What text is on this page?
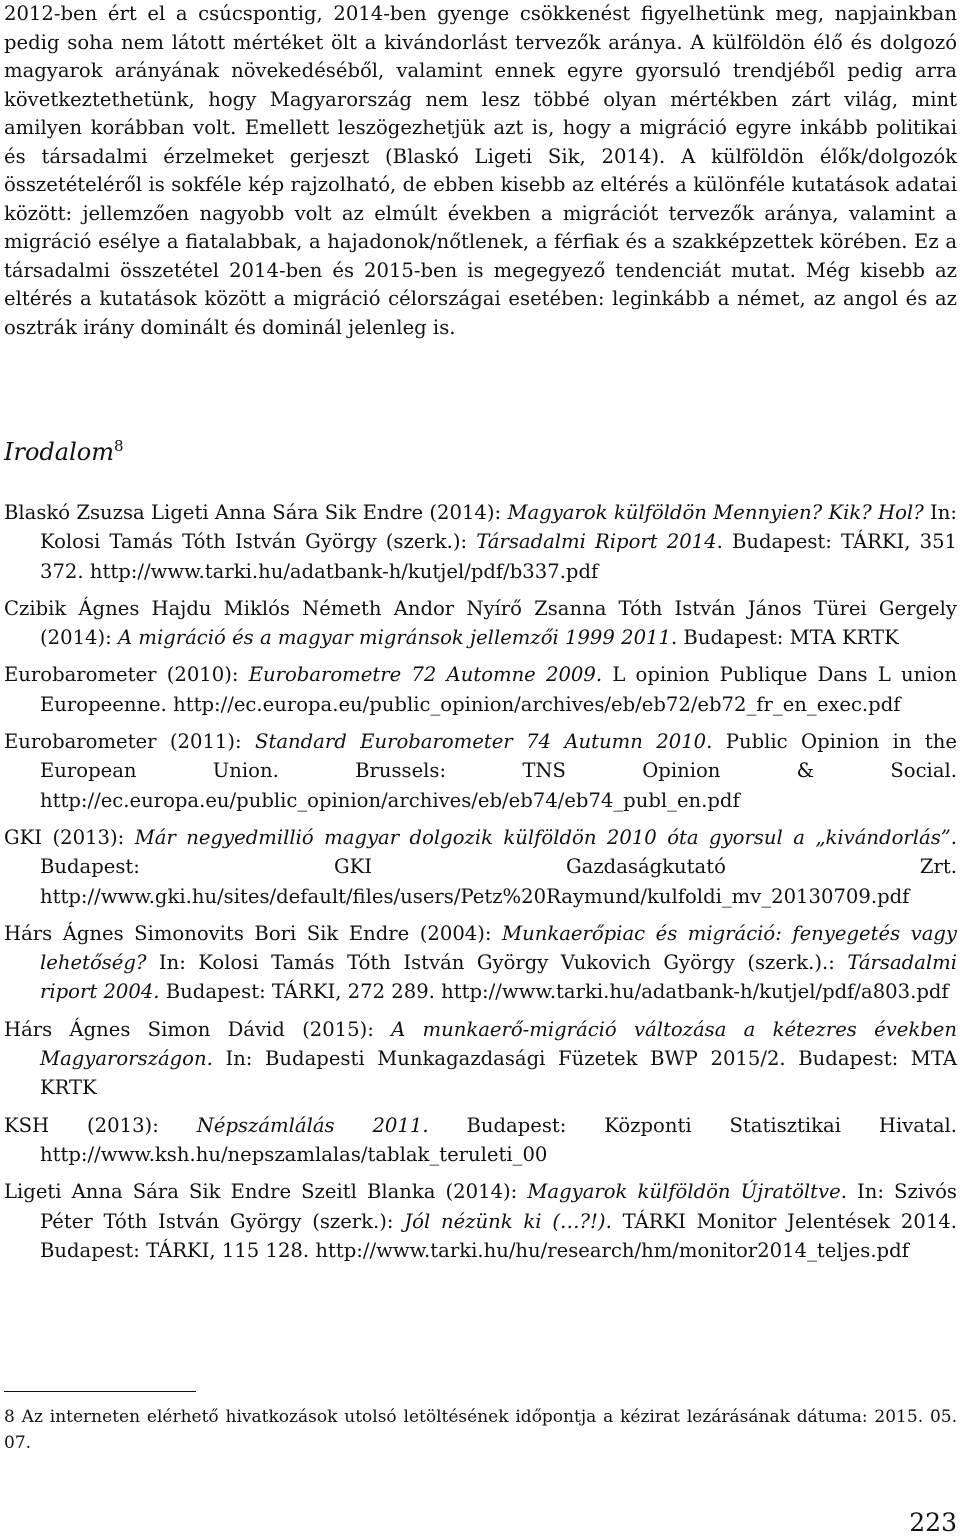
2012-ben ért el a csúcspontig, 2014-ben gyenge csökkenést figyelhetünk meg, napjainkban pedig soha nem látott mértéket ölt a kivándorlást tervezők aránya. A külföldön élő és dolgozó magyarok arányának növekedéséből, valamint ennek egyre gyorsuló trendjéből pedig arra következtethetünk, hogy Magyarország nem lesz többé olyan mértékben zárt világ, mint amilyen korábban volt. Emellett leszögezhetjük azt is, hogy a migráció egyre inkább politikai és társadalmi érzelmeket gerjeszt (Blaskó Ligeti Sik, 2014). A külföldön élők/dolgozók összetételéről is sokféle kép rajzolható, de ebben kisebb az eltérés a különféle kutatások adatai között: jellemzően nagyobb volt az elmúlt években a migrációt tervezők aránya, valamint a migráció esélye a fiatalabbak, a hajadonok/nőtlenek, a férfiak és a szakképzettek körében. Ez a társadalmi összetétel 2014-ben és 2015-ben is megegyező tendenciát mutat. Még kisebb az eltérés a kutatások között a migráció célországai esetében: leginkább a német, az angol és az osztrák irány dominált és dominál jelenleg is.

Irodalom$^8$

Blaskó Zsuzsa Ligeti Anna Sára Sik Endre (2014): Magyarok külföldön Mennyien? Kik? Hol? In: Kolosi Tamás Tóth István György (szerk.): Társadalmi Riport 2014. Budapest: TÁRKI, 351 372. http://www.tarki.hu/adatbank-h/kutjel/pdf/b337.pdf

Czibik Ágnes Hajdu Miklós Németh Andor Nyírő Zsanna Tóth István János Türei Gergely (2014): A migráció és a magyar migránsok jellemzői 1999 2011. Budapest: MTA KRTK

Eurobarometer (2010): Eurobarometre 72 Automne 2009. L opinion Publique Dans L union Europeenne. http://ec.europa.eu/public_opinion/archives/eb/eb72/eb72_fr_en_exec.pdf

Eurobarometer (2011): Standard Eurobarometer 74 Autumn 2010. Public Opinion in the European Union. Brussels: TNS Opinion & Social. http://ec.europa.eu/public_opinion/archives/eb/eb74/eb74_publ_en.pdf

GKI (2013): Már negyedmillió magyar dolgozik külföldön 2010 óta gyorsul a „kivándorlás”. Budapest: GKI Gazdaságkutató Zrt. http://www.gki.hu/sites/default/files/users/Petz%20Raymund/kulfoldi_mv_20130709.pdf

Hárs Ágnes Simonovits Bori Sik Endre (2004): Munkaerőpiac és migráció: fenyegetés vagy lehetőség? In: Kolosi Tamás Tóth István György Vukovich György (szerk.).: Társadalmi riport 2004. Budapest: TÁRKI, 272 289. http://www.tarki.hu/adatbank-h/kutjel/pdf/a803.pdf

Hárs Ágnes Simon Dávid (2015): A munkaerő-migráció változása a kétezres években Magyarországon. In: Budapesti Munkagazdasági Füzetek BWP 2015/2. Budapest: MTA KRTK

KSH (2013): Népszámlálás 2011. Budapest: Központi Statisztikai Hivatal. http://www.ksh.hu/nepszamlalas/tablak_teruleti_00

Ligeti Anna Sára Sik Endre Szeitl Blanka (2014): Magyarok külföldön Újratöltve. In: Szivós Péter Tóth István György (szerk.): Jól nézünk ki (…?!). TÁRKI Monitor Jelentések 2014. Budapest: TÁRKI, 115 128. http://www.tarki.hu/hu/research/hm/monitor2014_teljes.pdf

8 Az interneten elérhető hivatkozások utolsó letöltésének időpontja a kézirat lezárásának dátuma: 2015. 05. 07.
223
